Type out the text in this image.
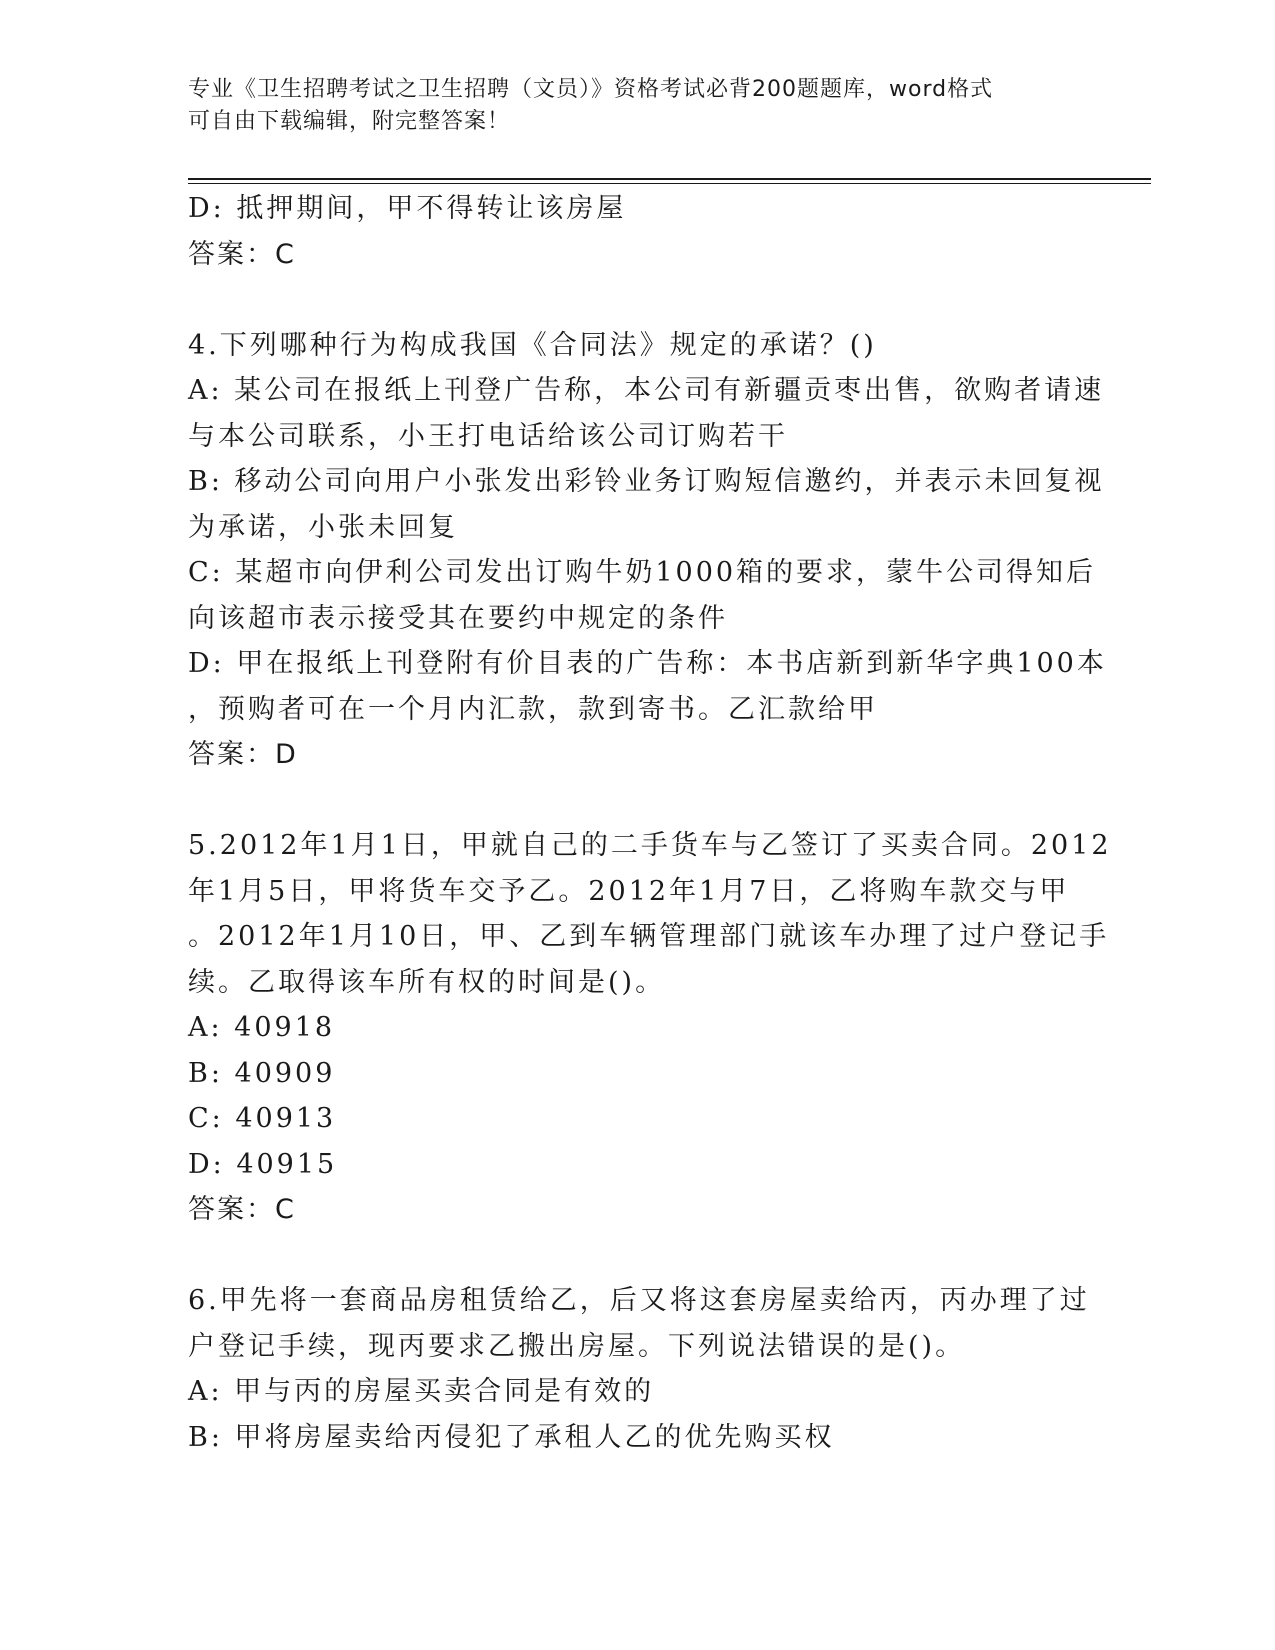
专业《卫生招聘考试之卫生招聘（文员）》资格考试必背200题题库，word格式
可自由下载编辑，附完整答案！
D: 抵押期间，甲不得转让该房屋
答案：C
4.下列哪种行为构成我国《合同法》规定的承诺？()
A: 某公司在报纸上刊登广告称，本公司有新疆贡枣出售，欲购者请速
与本公司联系，小王打电话给该公司订购若干
B: 移动公司向用户小张发出彩铃业务订购短信邀约，并表示未回复视
为承诺，小张未回复
C: 某超市向伊利公司发出订购牛奶1000箱的要求，蒙牛公司得知后
向该超市表示接受其在要约中规定的条件
D: 甲在报纸上刊登附有价目表的广告称：本书店新到新华字典100本
，预购者可在一个月内汇款，款到寄书。乙汇款给甲
答案：D
5.2012年1月1日，甲就自己的二手货车与乙签订了买卖合同。2012
年1月5日，甲将货车交予乙。2012年1月7日，乙将购车款交与甲
。2012年1月10日，甲、乙到车辆管理部门就该车办理了过户登记手
续。乙取得该车所有权的时间是()。
A: 40918
B: 40909
C: 40913
D: 40915
答案：C
6.甲先将一套商品房租赁给乙，后又将这套房屋卖给丙，丙办理了过
户登记手续，现丙要求乙搬出房屋。下列说法错误的是()。
A: 甲与丙的房屋买卖合同是有效的
B: 甲将房屋卖给丙侵犯了承租人乙的优先购买权
